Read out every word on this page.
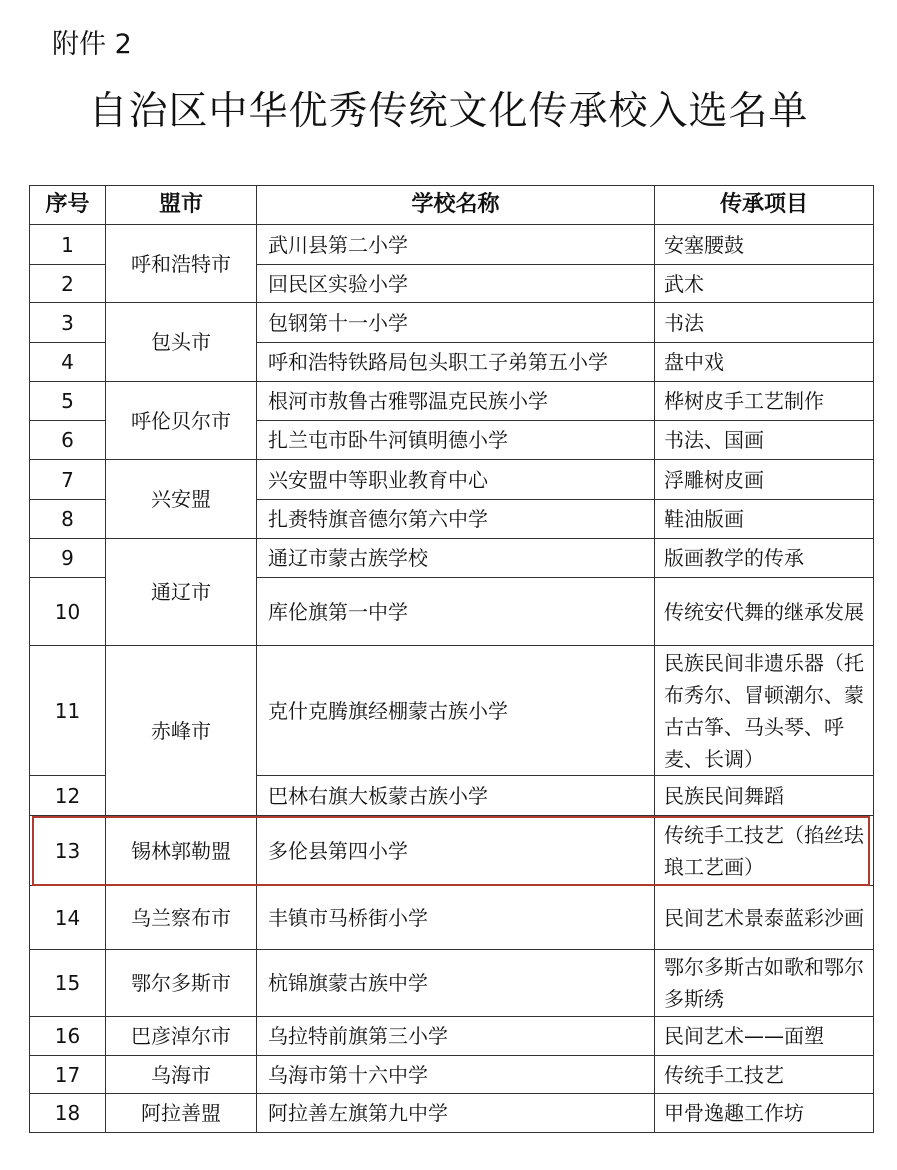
附件 2
自治区中华优秀传统文化传承校入选名单
序号	盟市	学校名称	传承项目
1	呼和浩特市	武川县第二小学	安塞腰鼓
2		回民区实验小学	武术
3	包头市	包钢第十一小学	书法
4		呼和浩特铁路局包头职工子弟第五小学	盘中戏
5	呼伦贝尔市	根河市敖鲁古雅鄂温克民族小学	桦树皮手工艺制作
6		扎兰屯市卧牛河镇明德小学	书法、国画
7	兴安盟	兴安盟中等职业教育中心	浮雕树皮画
8		扎赉特旗音德尔第六中学	鞋油版画
9	通辽市	通辽市蒙古族学校	版画教学的传承
10		库伦旗第一中学	传统安代舞的继承发展
11	赤峰市	克什克腾旗经棚蒙古族小学	民族民间非遗乐器（托布秀尔、冒顿潮尔、蒙古古筝、马头琴、呼麦、长调）
12		巴林右旗大板蒙古族小学	民族民间舞蹈
13	锡林郭勒盟	多伦县第四小学	传统手工技艺（掐丝珐琅工艺画）
14	乌兰察布市	丰镇市马桥街小学	民间艺术景泰蓝彩沙画
15	鄂尔多斯市	杭锦旗蒙古族中学	鄂尔多斯古如歌和鄂尔多斯绣
16	巴彦淖尔市	乌拉特前旗第三小学	民间艺术——面塑
17	乌海市	乌海市第十六中学	传统手工技艺
18	阿拉善盟	阿拉善左旗第九中学	甲骨逸趣工作坊
